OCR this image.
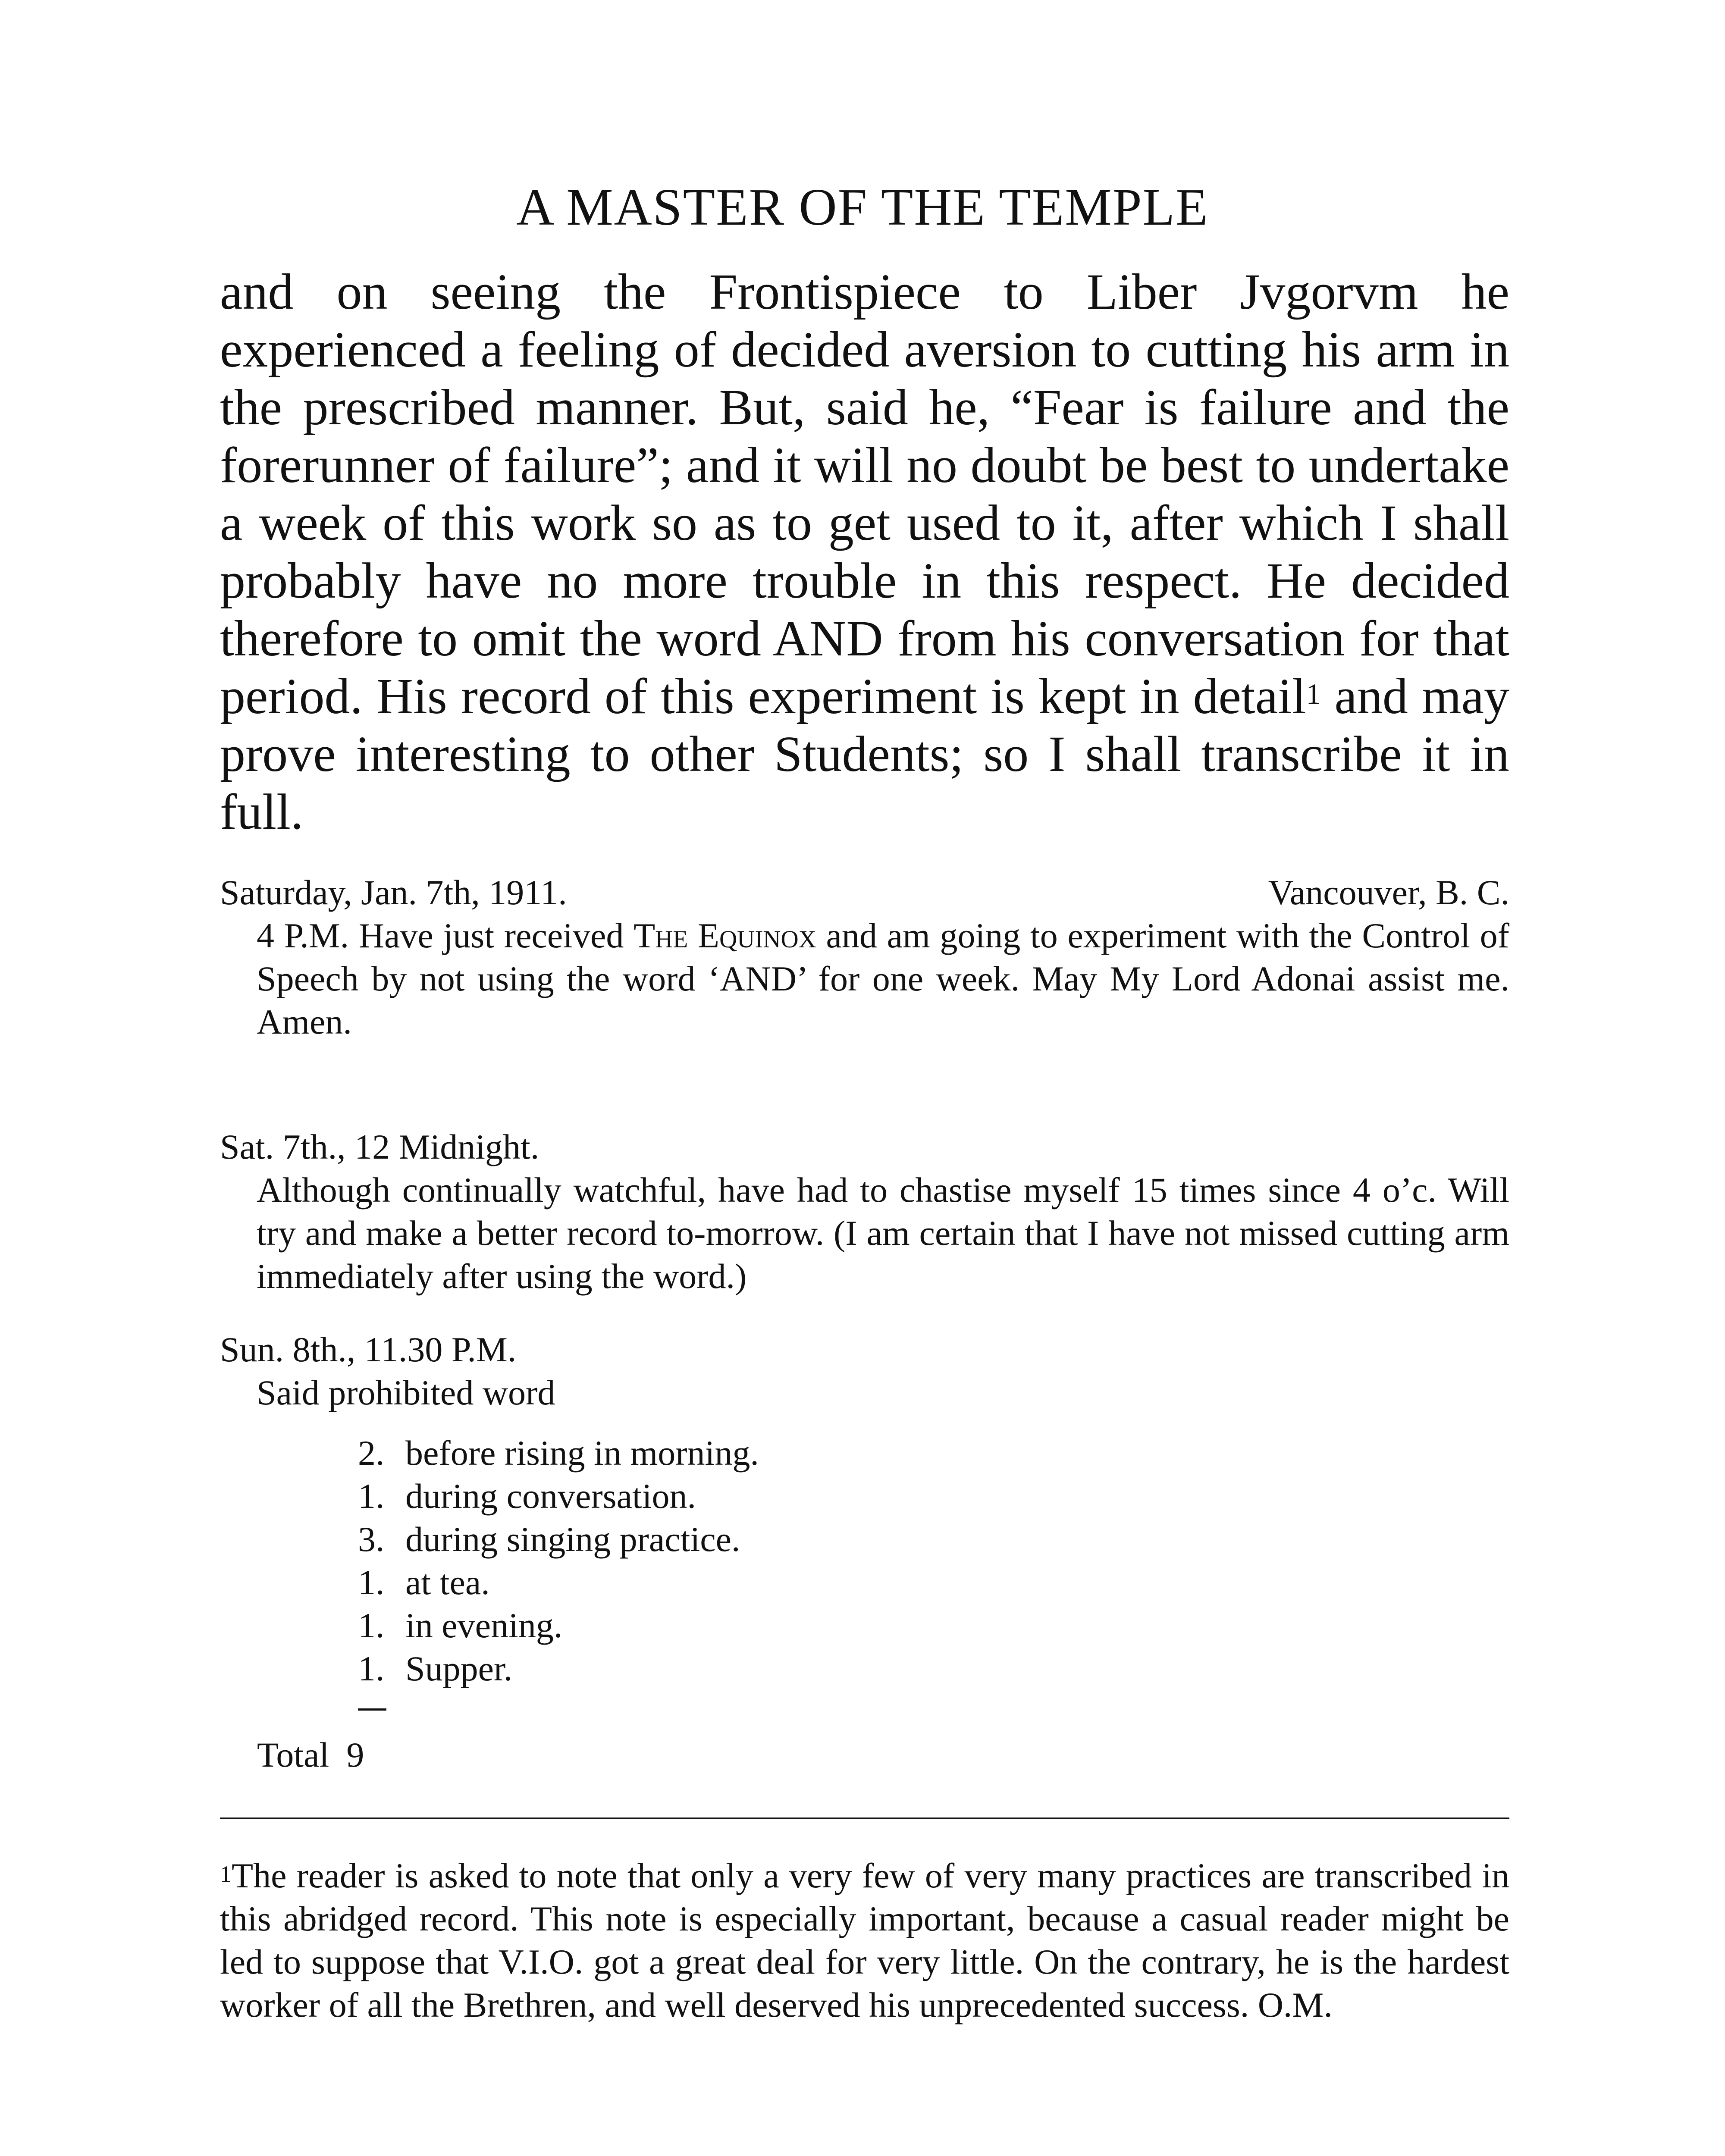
A MASTER OF THE TEMPLE

and on seeing the Frontispiece to Liber Jvgorvm he experienced a feeling of decided aversion to cutting his arm in the prescribed manner. But, said he, “Fear is failure and the forerunner of failure”; and it will no doubt be best to undertake a week of this work so as to get used to it, after which I shall probably have no more trouble in this respect. He decided therefore to omit the word AND from his conversation for that period. His record of this experiment is kept in detail$^1$ and may prove interesting to other Students; so I shall transcribe it in full.

Saturday, Jan. 7th, 1911.	Vancouver, B. C.

4 P.M. Have just received The Equinox and am going to experiment with the Control of Speech by not using the word ‘AND’ for one week. May My Lord Adonai assist me. Amen.

Sat. 7th., 12 Midnight.

Although continually watchful, have had to chastise myself 15 times since 4 o’c. Will try and make a better record to-morrow. (I am certain that I have not missed cutting arm immediately after using the word.)

Sun. 8th., 11.30 P.M.
Said prohibited word
2. before rising in morning.
1. during conversation.
3. during singing practice.
1. at tea.
1. in evening.
1. Supper.
Total 9

$^1$The reader is asked to note that only a very few of very many practices are transcribed in this abridged record. This note is especially important, because a casual reader might be led to suppose that V.I.O. got a great deal for very little. On the contrary, he is the hardest worker of all the Brethren, and well deserved his unprecedented success. O.M.
